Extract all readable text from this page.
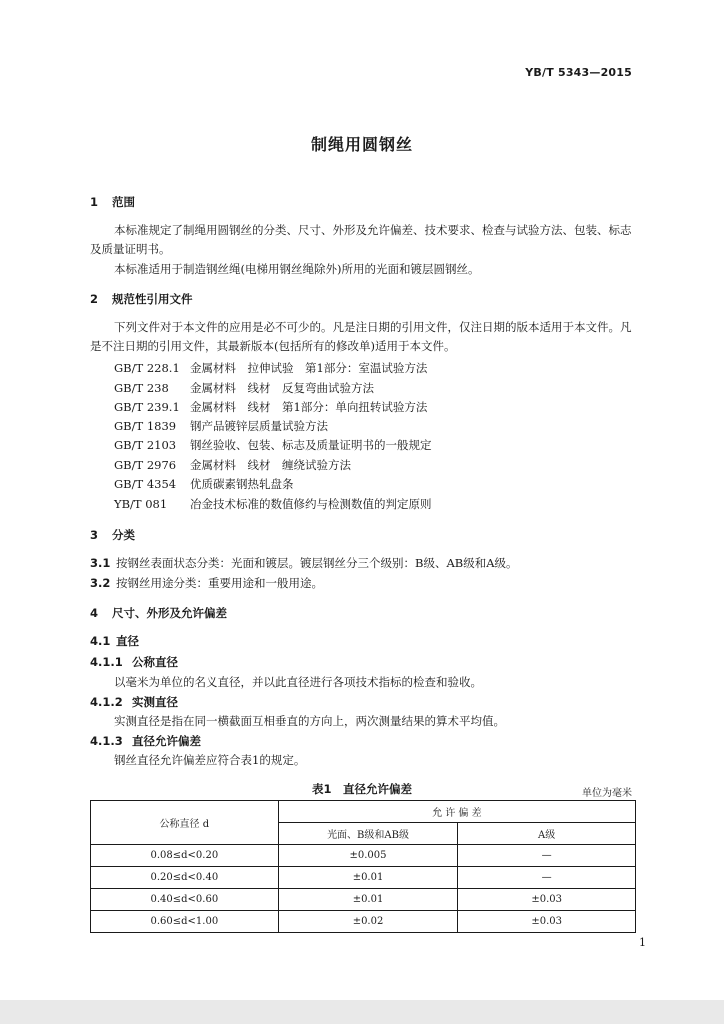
YB/T 5343—2015
制绳用圆钢丝
1 范围
本标准规定了制绳用圆钢丝的分类、尺寸、外形及允许偏差、技术要求、检查与试验方法、包装、标志及质量证明书。
本标准适用于制造钢丝绳(电梯用钢丝绳除外)所用的光面和镀层圆钢丝。
2 规范性引用文件
下列文件对于本文件的应用是必不可少的。凡是注日期的引用文件，仅注日期的版本适用于本文件。凡是不注日期的引用文件，其最新版本(包括所有的修改单)适用于本文件。
GB/T 228.1 金属材料　拉伸试验　第1部分：室温试验方法
GB/T 238 金属材料　线材　反复弯曲试验方法
GB/T 239.1 金属材料　线材　第1部分：单向扭转试验方法
GB/T 1839 钢产品镀锌层质量试验方法
GB/T 2103 钢丝验收、包装、标志及质量证明书的一般规定
GB/T 2976 金属材料　线材　缠绕试验方法
GB/T 4354 优质碳素钢热轧盘条
YB/T 081 冶金技术标准的数值修约与检测数值的判定原则
3 分类
3.1 按钢丝表面状态分类：光面和镀层。镀层钢丝分三个级别：B级、AB级和A级。
3.2 按钢丝用途分类：重要用途和一般用途。
4 尺寸、外形及允许偏差
4.1 直径
4.1.1 公称直径
以毫米为单位的名义直径，并以此直径进行各项技术指标的检查和验收。
4.1.2 实测直径
实测直径是指在同一横截面互相垂直的方向上，两次测量结果的算术平均值。
4.1.3 直径允许偏差
钢丝直径允许偏差应符合表1的规定。
表1　直径允许偏差	单位为毫米
公称直径 d	允 许 偏 差	
	光面、B级和AB级	A级
0.08≤d<0.20	±0.005	—
0.20≤d<0.40	±0.01	—
0.40≤d<0.60	±0.01	±0.03
0.60≤d<1.00	±0.02	±0.03
1
